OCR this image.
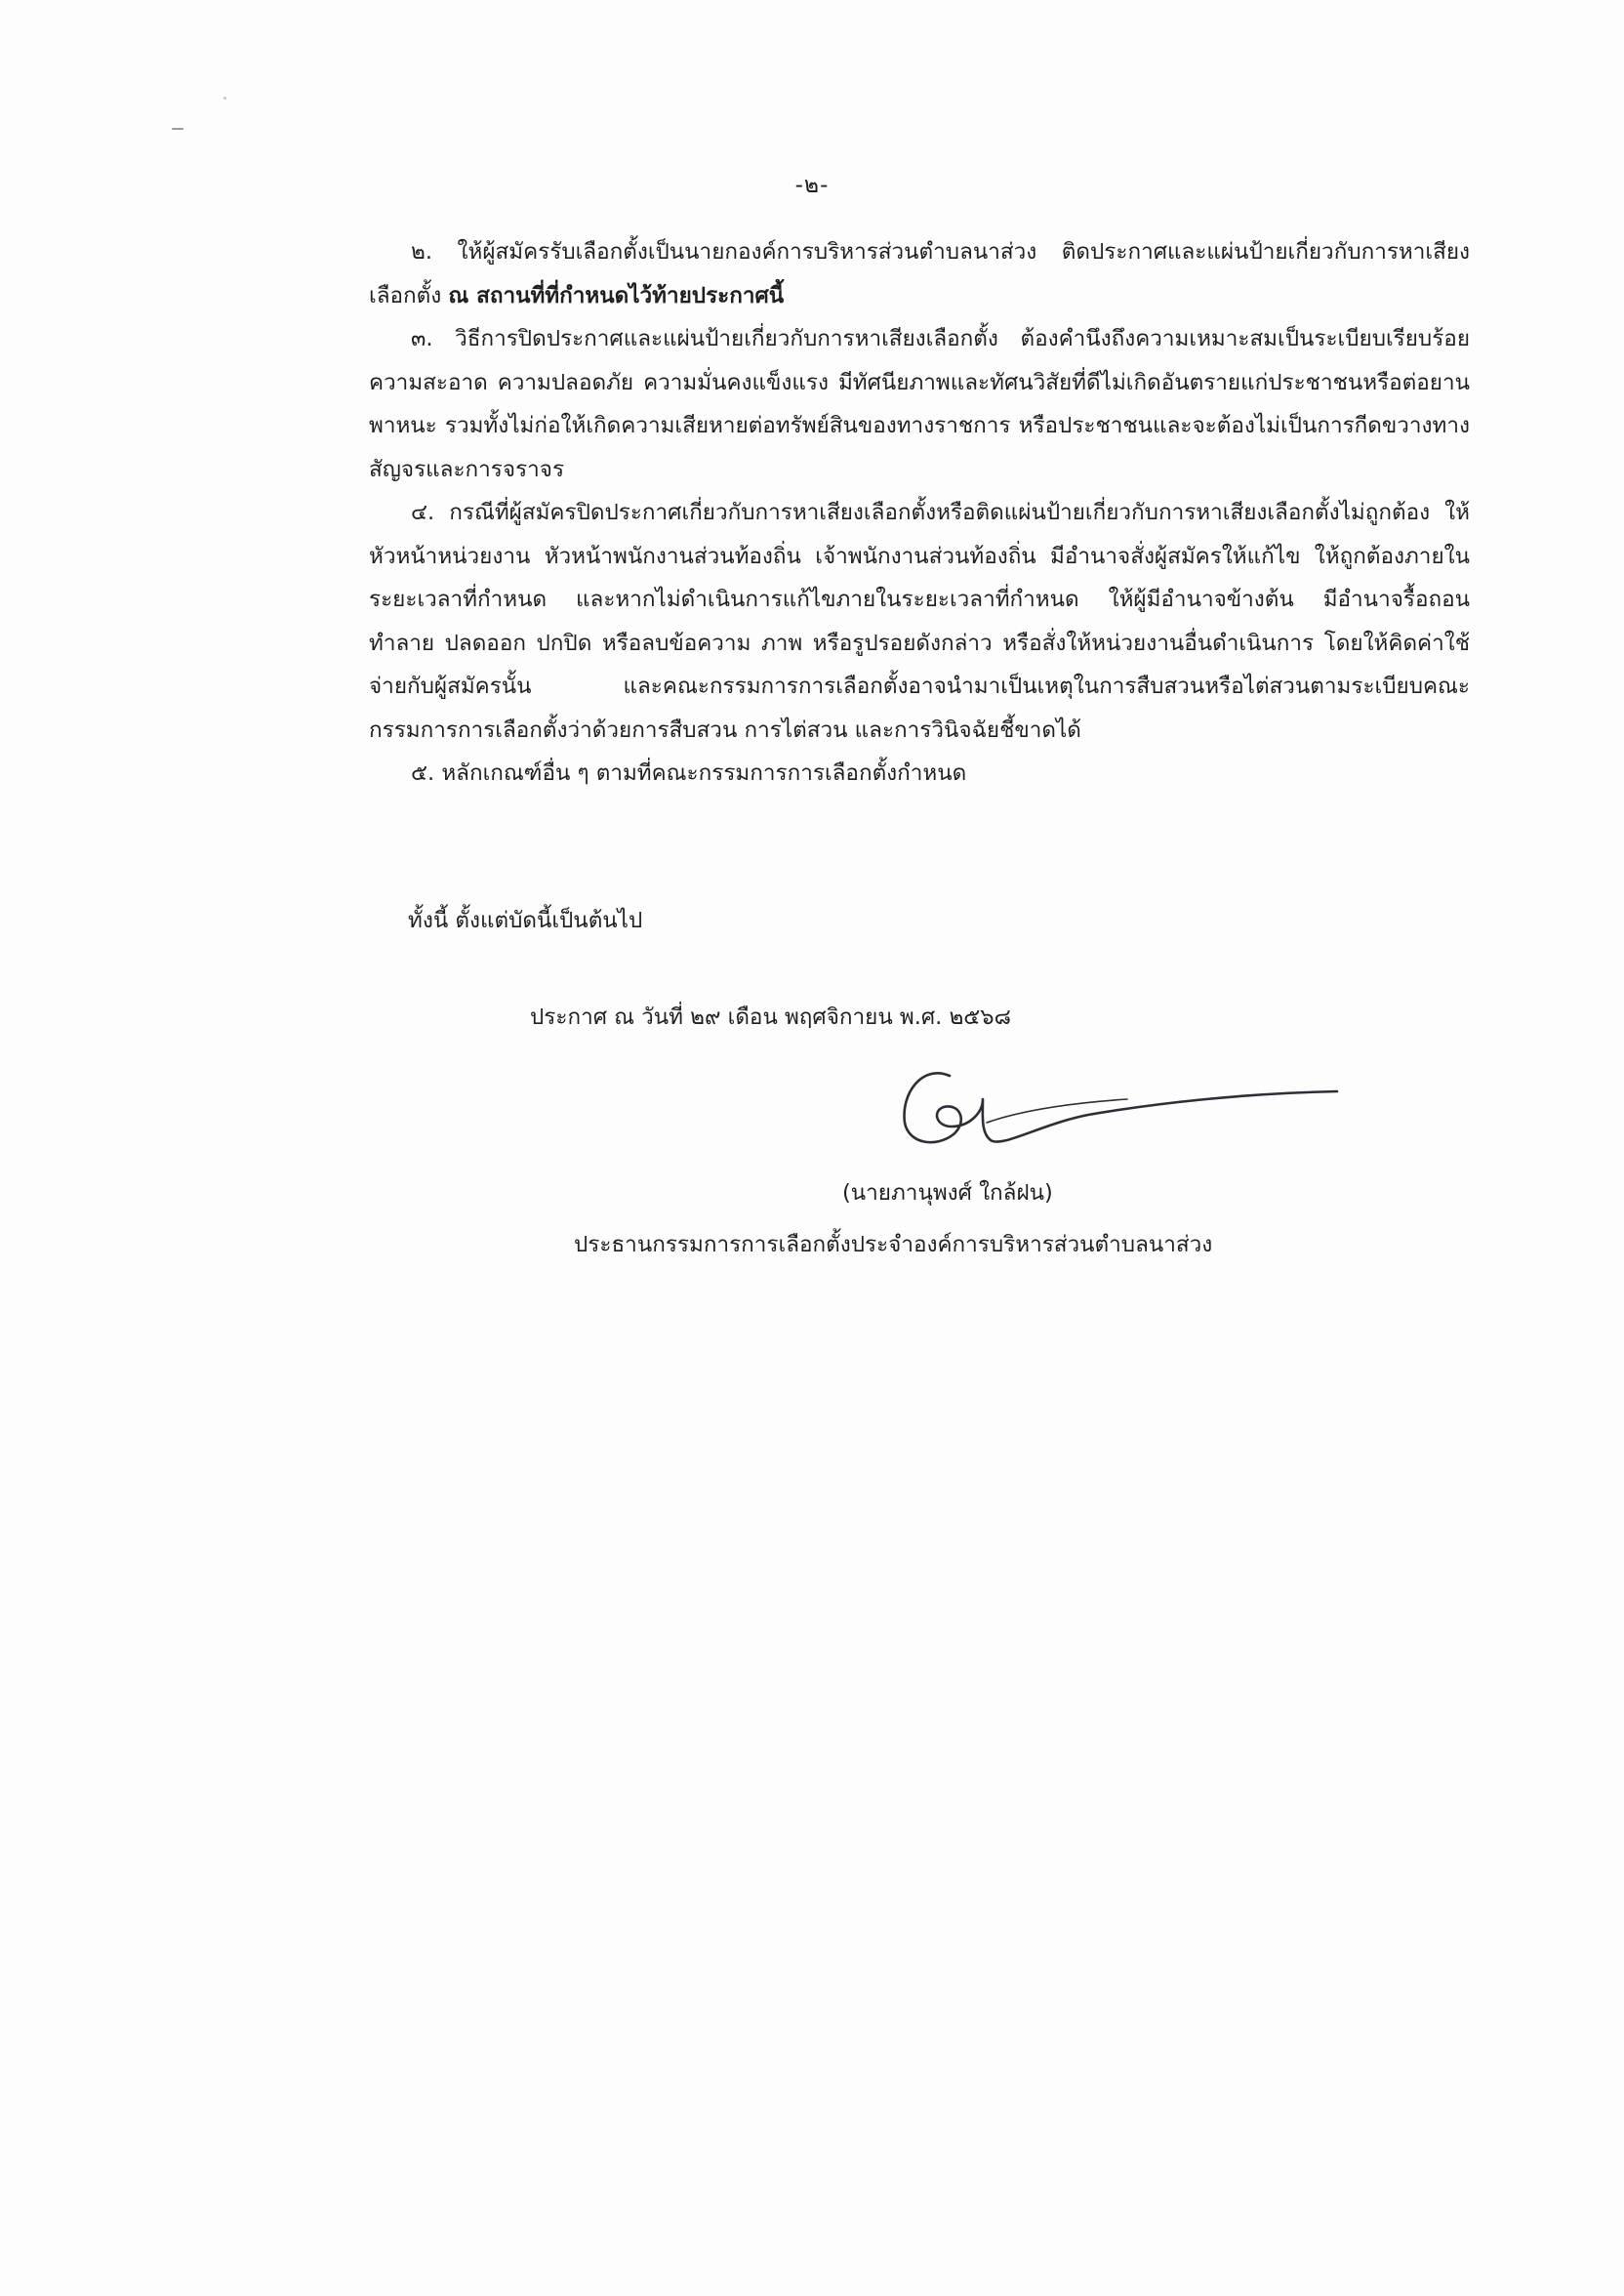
-๒-

๒. ให้ผู้สมัครรับเลือกตั้งเป็นนายกองค์การบริหารส่วนตำบลนาส่วง ติดประกาศและแผ่นป้ายเกี่ยวกับการหาเสียงเลือกตั้ง ณ สถานที่ที่กำหนดไว้ท้ายประกาศนี้

๓. วิธีการปิดประกาศและแผ่นป้ายเกี่ยวกับการหาเสียงเลือกตั้ง ต้องคำนึงถึงความเหมาะสมเป็นระเบียบเรียบร้อย ความสะอาด ความปลอดภัย ความมั่นคงแข็งแรง มีทัศนียภาพและทัศนวิสัยที่ดีไม่เกิดอันตรายแก่ประชาชนหรือต่อยานพาหนะ รวมทั้งไม่ก่อให้เกิดความเสียหายต่อทรัพย์สินของทางราชการ หรือประชาชนและจะต้องไม่เป็นการกีดขวางทางสัญจรและการจราจร

๔. กรณีที่ผู้สมัครปิดประกาศเกี่ยวกับการหาเสียงเลือกตั้งหรือติดแผ่นป้ายเกี่ยวกับการหาเสียงเลือกตั้งไม่ถูกต้อง ให้หัวหน้าหน่วยงาน หัวหน้าพนักงานส่วนท้องถิ่น เจ้าพนักงานส่วนท้องถิ่น มีอำนาจสั่งผู้สมัครให้แก้ไข ให้ถูกต้องภายในระยะเวลาที่กำหนด และหากไม่ดำเนินการแก้ไขภายในระยะเวลาที่กำหนด ให้ผู้มีอำนาจข้างต้น มีอำนาจรื้อถอน ทำลาย ปลดออก ปกปิด หรือลบข้อความ ภาพ หรือรูปรอยดังกล่าว หรือสั่งให้หน่วยงานอื่นดำเนินการ โดยให้คิดค่าใช้จ่ายกับผู้สมัครนั้น และคณะกรรมการการเลือกตั้งอาจนำมาเป็นเหตุในการสืบสวนหรือไต่สวนตามระเบียบคณะกรรมการการเลือกตั้งว่าด้วยการสืบสวน การไต่สวน และการวินิจฉัยชี้ขาดได้

๕. หลักเกณฑ์อื่น ๆ ตามที่คณะกรรมการการเลือกตั้งกำหนด

ทั้งนี้ ตั้งแต่บัดนี้เป็นต้นไป
ประกาศ ณ วันที่ ๒๙ เดือน พฤศจิกายน พ.ศ. ๒๕๖๘
(นายภานุพงศ์ ใกล้ฝน)
ประธานกรรมการการเลือกตั้งประจำองค์การบริหารส่วนตำบลนาส่วง
